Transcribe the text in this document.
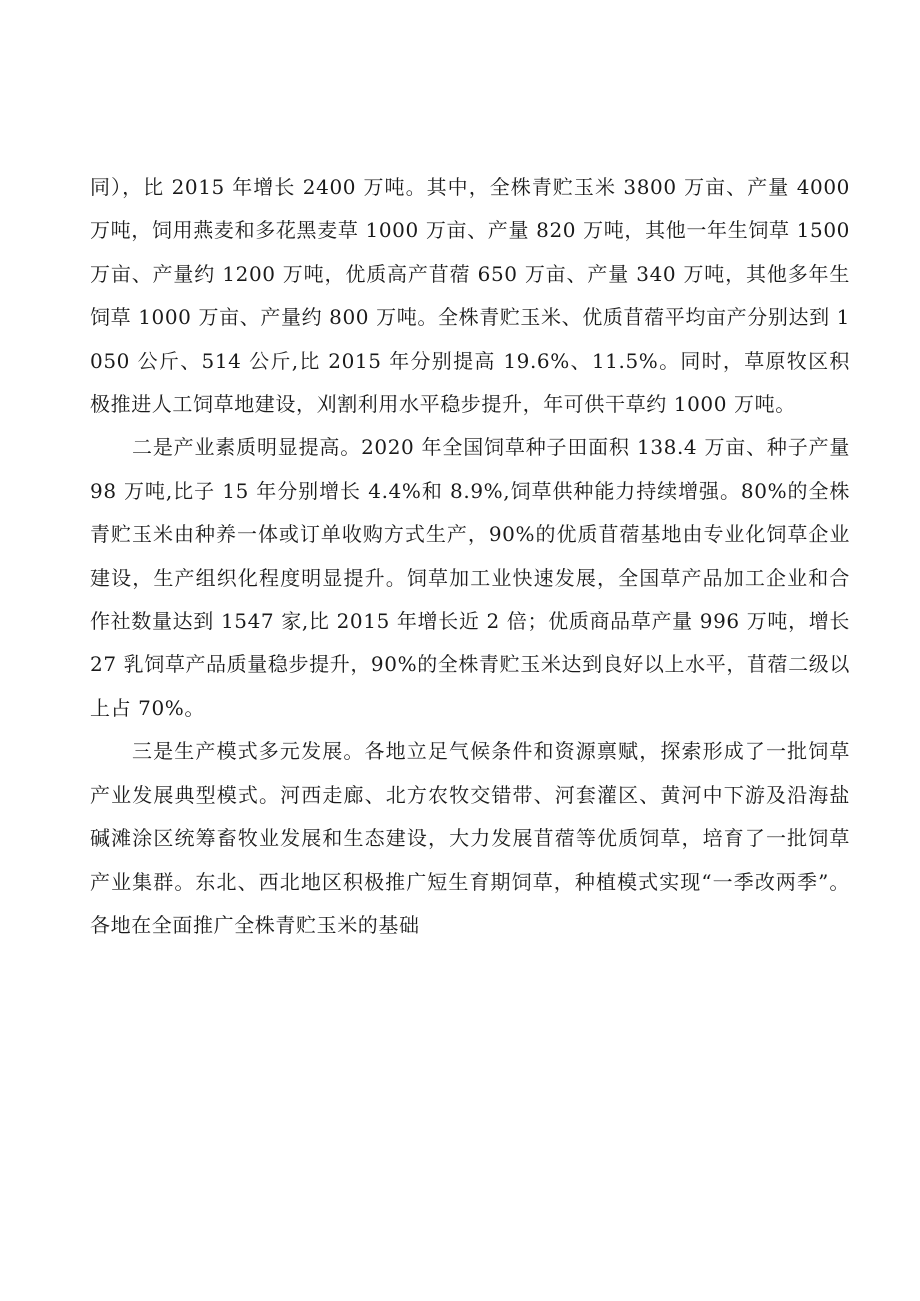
同），比 2015 年增长 2400 万吨。其中，全株青贮玉米 3800 万亩、产量 4000 万吨，饲用燕麦和多花黑麦草 1000 万亩、产量 820 万吨，其他一年生饲草 1500 万亩、产量约 1200 万吨，优质高产苜蓿 650 万亩、产量 340 万吨，其他多年生饲草 1000 万亩、产量约 800 万吨。全株青贮玉米、优质苜蓿平均亩产分别达到 1050 公斤、514 公斤,比 2015 年分别提高 19.6%、11.5%。同时，草原牧区积极推进人工饲草地建设，刈割利用水平稳步提升，年可供干草约 1000 万吨。

二是产业素质明显提高。2020 年全国饲草种子田面积 138.4 万亩、种子产量 98 万吨,比子 15 年分别增长 4.4%和 8.9%,饲草供种能力持续增强。80%的全株青贮玉米由种养一体或订单收购方式生产，90%的优质苜蓿基地由专业化饲草企业建设，生产组织化程度明显提升。饲草加工业快速发展，全国草产品加工企业和合作社数量达到 1547 家,比 2015 年增长近 2 倍；优质商品草产量 996 万吨，增长 27 乳饲草产品质量稳步提升，90%的全株青贮玉米达到良好以上水平，苜蓿二级以上占 70%。

三是生产模式多元发展。各地立足气候条件和资源禀赋，探索形成了一批饲草产业发展典型模式。河西走廊、北方农牧交错带、河套灌区、黄河中下游及沿海盐碱滩涂区统筹畜牧业发展和生态建设，大力发展苜蓿等优质饲草，培育了一批饲草产业集群。东北、西北地区积极推广短生育期饲草，种植模式实现“一季改两季”。各地在全面推广全株青贮玉米的基础
